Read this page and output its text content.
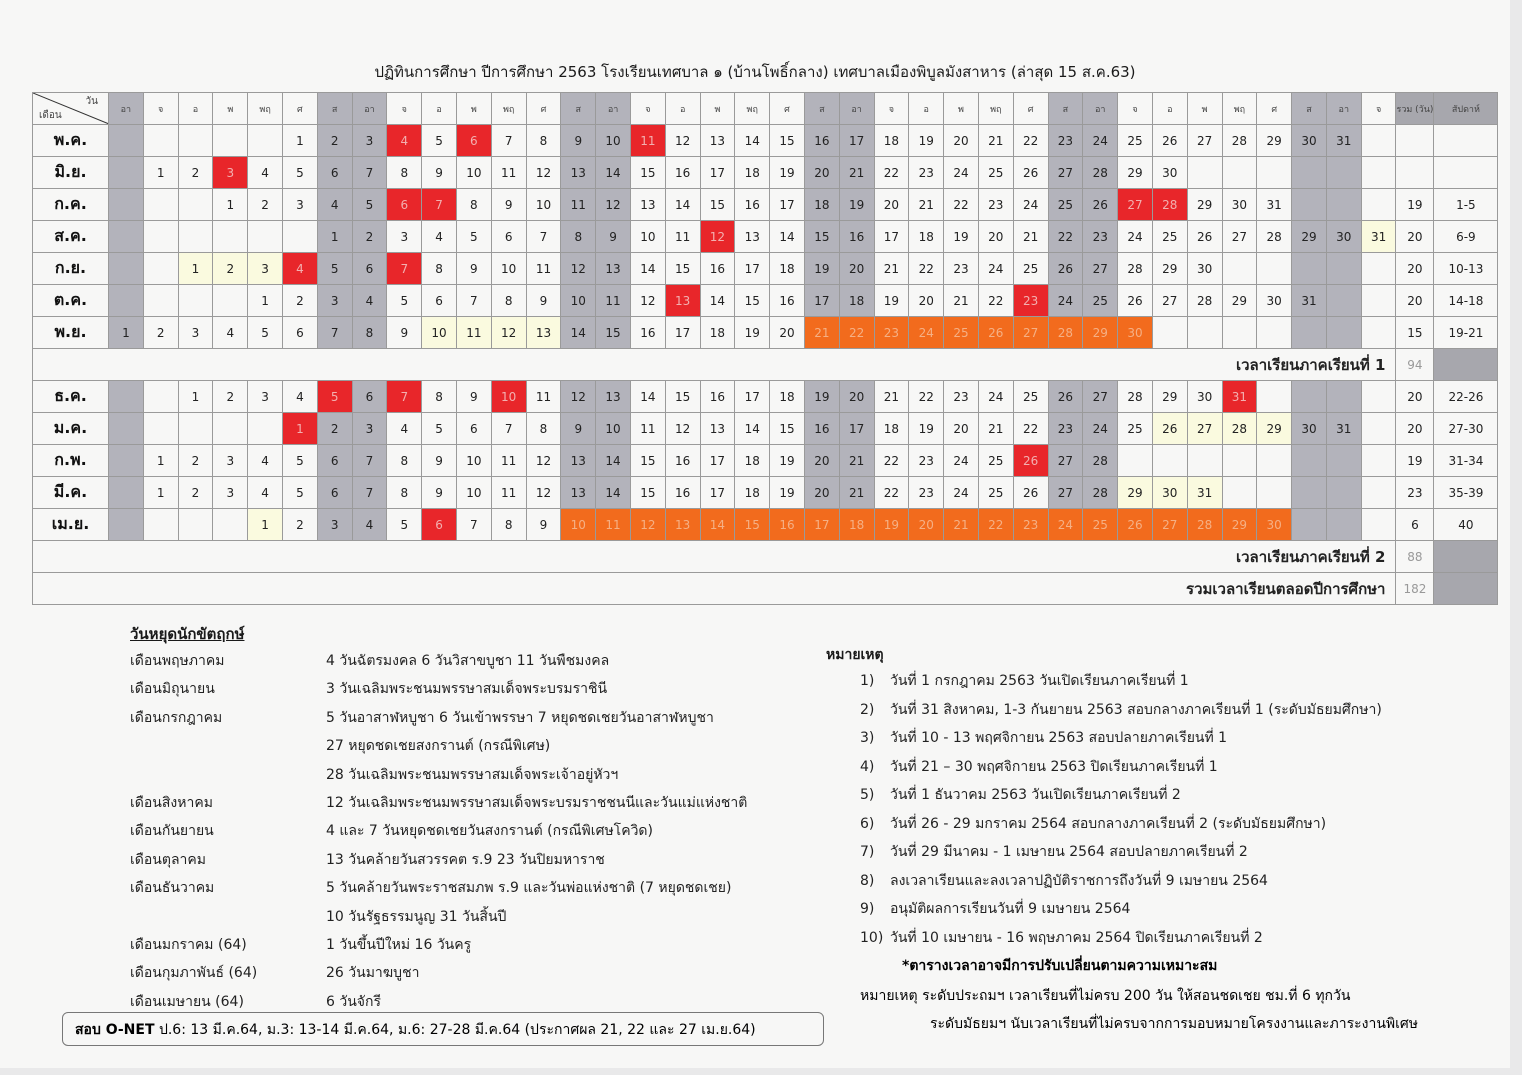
ปฏิทินการศึกษา ปีการศึกษา 2563 โรงเรียนเทศบาล ๑ (บ้านโพธิ์กลาง) เทศบาลเมืองพิบูลมังสาหาร (ล่าสุด 15 ส.ค.63)
วัน
เดือน	อา	จ	อ	พ	พฤ	ศ	ส	อา	จ	อ	พ	พฤ	ศ	ส	อา	จ	อ	พ	พฤ	ศ	ส	อา	จ	อ	พ	พฤ	ศ	ส	อา	จ	อ	พ	พฤ	ศ	ส	อา	จ	รวม (วัน)	สัปดาห์
พ.ค.						1	2	3	4	5	6	7	8	9	10	11	12	13	14	15	16	17	18	19	20	21	22	23	24	25	26	27	28	29	30	31			
มิ.ย.		1	2	3	4	5	6	7	8	9	10	11	12	13	14	15	16	17	18	19	20	21	22	23	24	25	26	27	28	29	30								
ก.ค.				1	2	3	4	5	6	7	8	9	10	11	12	13	14	15	16	17	18	19	20	21	22	23	24	25	26	27	28	29	30	31				19	1-5
ส.ค.							1	2	3	4	5	6	7	8	9	10	11	12	13	14	15	16	17	18	19	20	21	22	23	24	25	26	27	28	29	30	31	20	6-9
ก.ย.			1	2	3	4	5	6	7	8	9	10	11	12	13	14	15	16	17	18	19	20	21	22	23	24	25	26	27	28	29	30						20	10-13
ต.ค.					1	2	3	4	5	6	7	8	9	10	11	12	13	14	15	16	17	18	19	20	21	22	23	24	25	26	27	28	29	30	31			20	14-18
พ.ย.	1	2	3	4	5	6	7	8	9	10	11	12	13	14	15	16	17	18	19	20	21	22	23	24	25	26	27	28	29	30								15	19-21
เวลาเรียนภาคเรียนที่ 1																																						94	
ธ.ค.			1	2	3	4	5	6	7	8	9	10	11	12	13	14	15	16	17	18	19	20	21	22	23	24	25	26	27	28	29	30	31					20	22-26
ม.ค.						1	2	3	4	5	6	7	8	9	10	11	12	13	14	15	16	17	18	19	20	21	22	23	24	25	26	27	28	29	30	31		20	27-30
ก.พ.		1	2	3	4	5	6	7	8	9	10	11	12	13	14	15	16	17	18	19	20	21	22	23	24	25	26	27	28									19	31-34
มี.ค.		1	2	3	4	5	6	7	8	9	10	11	12	13	14	15	16	17	18	19	20	21	22	23	24	25	26	27	28	29	30	31						23	35-39
เม.ย.					1	2	3	4	5	6	7	8	9	10	11	12	13	14	15	16	17	18	19	20	21	22	23	24	25	26	27	28	29	30				6	40
เวลาเรียนภาคเรียนที่ 2																																						88	
รวมเวลาเรียนตลอดปีการศึกษา																																						182	
วันหยุดนักขัตฤกษ์
เดือนพฤษภาคม	4 วันฉัตรมงคล 6 วันวิสาขบูชา 11 วันพืชมงคล
เดือนมิถุนายน	3 วันเฉลิมพระชนมพรรษาสมเด็จพระบรมราชินี
เดือนกรกฎาคม	5 วันอาสาฬหบูชา 6 วันเข้าพรรษา 7 หยุดชดเชยวันอาสาฬหบูชา
27 หยุดชดเชยสงกรานต์ (กรณีพิเศษ)
28 วันเฉลิมพระชนมพรรษาสมเด็จพระเจ้าอยู่หัวฯ
เดือนสิงหาคม	12 วันเฉลิมพระชนมพรรษาสมเด็จพระบรมราชชนนีและวันแม่แห่งชาติ
เดือนกันยายน	4 และ 7 วันหยุดชดเชยวันสงกรานต์ (กรณีพิเศษโควิด)
เดือนตุลาคม	13 วันคล้ายวันสวรรคต ร.9 23 วันปิยมหาราช
เดือนธันวาคม	5 วันคล้ายวันพระราชสมภพ ร.9 และวันพ่อแห่งชาติ (7 หยุดชดเชย)
10 วันรัฐธรรมนูญ 31 วันสิ้นปี
เดือนมกราคม (64)	1 วันขึ้นปีใหม่ 16 วันครู
เดือนกุมภาพันธ์ (64)	26 วันมาฆบูชา
เดือนเมษายน (64)	6 วันจักรี
หมายเหตุ
1) วันที่ 1 กรกฎาคม 2563 วันเปิดเรียนภาคเรียนที่ 1
2) วันที่ 31 สิงหาคม, 1-3 กันยายน 2563 สอบกลางภาคเรียนที่ 1 (ระดับมัธยมศึกษา)
3) วันที่ 10 - 13 พฤศจิกายน 2563 สอบปลายภาคเรียนที่ 1
4) วันที่ 21 – 30 พฤศจิกายน 2563 ปิดเรียนภาคเรียนที่ 1
5) วันที่ 1 ธันวาคม 2563 วันเปิดเรียนภาคเรียนที่ 2
6) วันที่ 26 - 29 มกราคม 2564 สอบกลางภาคเรียนที่ 2 (ระดับมัธยมศึกษา)
7) วันที่ 29 มีนาคม - 1 เมษายน 2564 สอบปลายภาคเรียนที่ 2
8) ลงเวลาเรียนและลงเวลาปฏิบัติราชการถึงวันที่ 9 เมษายน 2564
9) อนุมัติผลการเรียนวันที่ 9 เมษายน 2564
10) วันที่ 10 เมษายน - 16 พฤษภาคม 2564 ปิดเรียนภาคเรียนที่ 2
*ตารางเวลาอาจมีการปรับเปลี่ยนตามความเหมาะสม
หมายเหตุ ระดับประถมฯ เวลาเรียนที่ไม่ครบ 200 วัน ให้สอนชดเชย ชม.ที่ 6 ทุกวัน
ระดับมัธยมฯ นับเวลาเรียนที่ไม่ครบจากการมอบหมายโครงงานและภาระงานพิเศษ
สอบ O-NET ป.6: 13 มี.ค.64, ม.3: 13-14 มี.ค.64, ม.6: 27-28 มี.ค.64 (ประกาศผล 21, 22 และ 27 เม.ย.64)
